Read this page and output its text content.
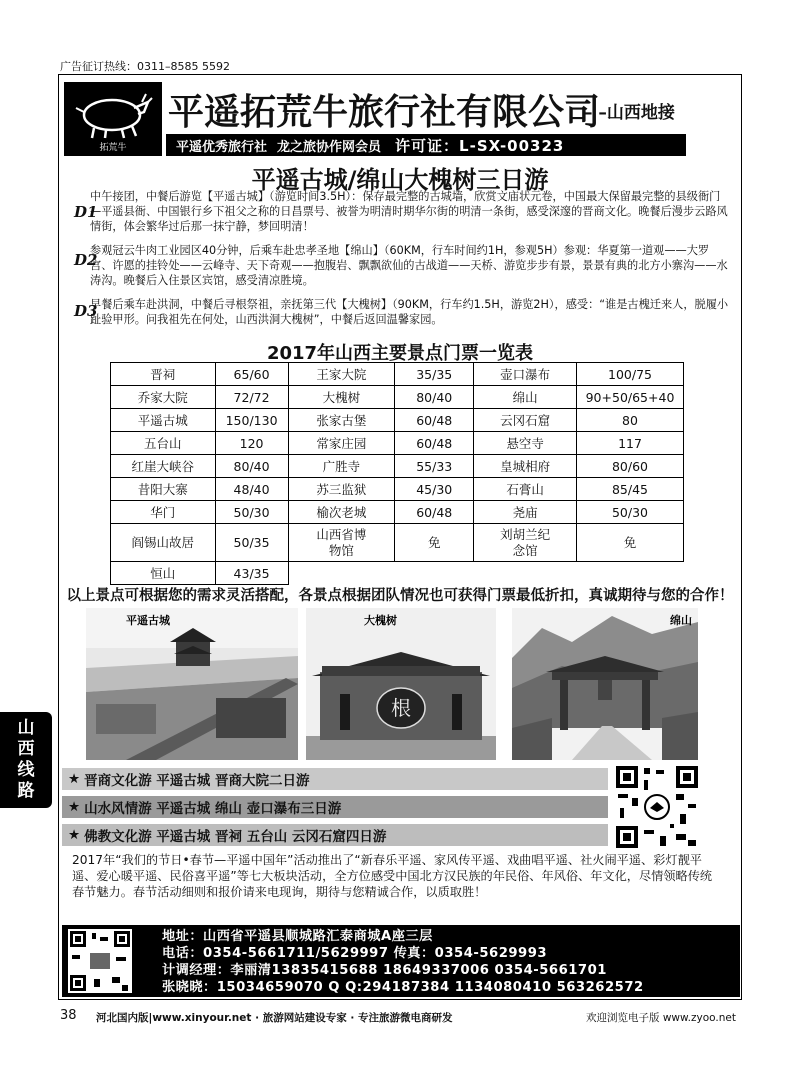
广告征订热线：0311–8585 5592
拓荒牛
平遥拓荒牛旅行社有限公司
– –山西地接
平遥优秀旅行社 龙之旅协作网会员 许可证：L-SX-00323
平遥古城/绵山大槐树三日游
D1
中午接团，中餐后游览【平遥古城】（游览时间3.5H）：保存最完整的古城墙，欣赏文庙状元卷，中国最大保留最完整的县级衙门—平遥县衙、中国银行乡下祖父之称的日昌票号、被誉为明清时期华尔街的明清一条街，感受深邃的晋商文化。晚餐后漫步云路风情街，体会繁华过后那一抹宁静，梦回明清！
D2
参观冠云牛肉工业园区40分钟，后乘车赴忠孝圣地【绵山】（60KM，行车时间约1H，参观5H）参观：华夏第一道观——大罗宫、许愿的挂铃处——云峰寺、天下奇观——抱腹岩、飘飘欲仙的古战道——天桥、游览步步有景，景景有典的北方小寨沟——水涛沟。晚餐后入住景区宾馆，感受清凉胜境。
D3
早餐后乘车赴洪洞，中餐后寻根祭祖，亲抚第三代【大槐树】（90KM，行车约1.5H，游览2H），感受：“谁是古槐迁来人，脱履小趾验甲形。问我祖先在何处，山西洪洞大槐树”，中餐后返回温馨家园。
2017年山西主要景点门票一览表
晋祠	65/60	王家大院	35/35	壶口瀑布	100/75
乔家大院	72/72	大槐树	80/40	绵山	90+50/65+40
平遥古城	150/130	张家古堡	60/48	云冈石窟	80
五台山	120	常家庄园	60/48	悬空寺	117
红崖大峡谷	80/40	广胜寺	55/33	皇城相府	80/60
昔阳大寨	48/40	苏三监狱	45/30	石膏山	85/45
华门	50/30	榆次老城	60/48	尧庙	50/30
阎锡山故居	50/35	山西省博物馆	免	刘胡兰纪念馆	免
恒山	43/35				
以上景点可根据您的需求灵活搭配，各景点根据团队情况也可获得门票最低折扣，真诚期待与您的合作！
平遥古城
根
大槐树	绵山
山
西
线
路
★ 晋商文化游 平遥古城 晋商大院二日游
★ 山水风情游 平遥古城 绵山 壶口瀑布三日游
★ 佛教文化游 平遥古城 晋祠 五台山 云冈石窟四日游
2017年“我们的节日•春节—平遥中国年”活动推出了“新春乐平遥、家风传平遥、戏曲唱平遥、社火闹平遥、彩灯靓平遥、爱心暖平遥、民俗喜平遥”等七大板块活动，全方位感受中国北方汉民族的年民俗、年风俗、年文化，尽情领略传统春节魅力。春节活动细则和报价请来电现询，期待与您精诚合作，以质取胜！
地址：山西省平遥县顺城路汇泰商城A座三层
电话：0354-5661711/5629997 传真：0354-5629993
计调经理：李丽清13835415688 18649337006 0354-5661701
张晓晓：15034659070 Q Q:294187384 1134080410 563262572
38 河北国内版|www.xinyour.net · 旅游网站建设专家 · 专注旅游微电商研发	欢迎浏览电子版 www.zyoo.net
